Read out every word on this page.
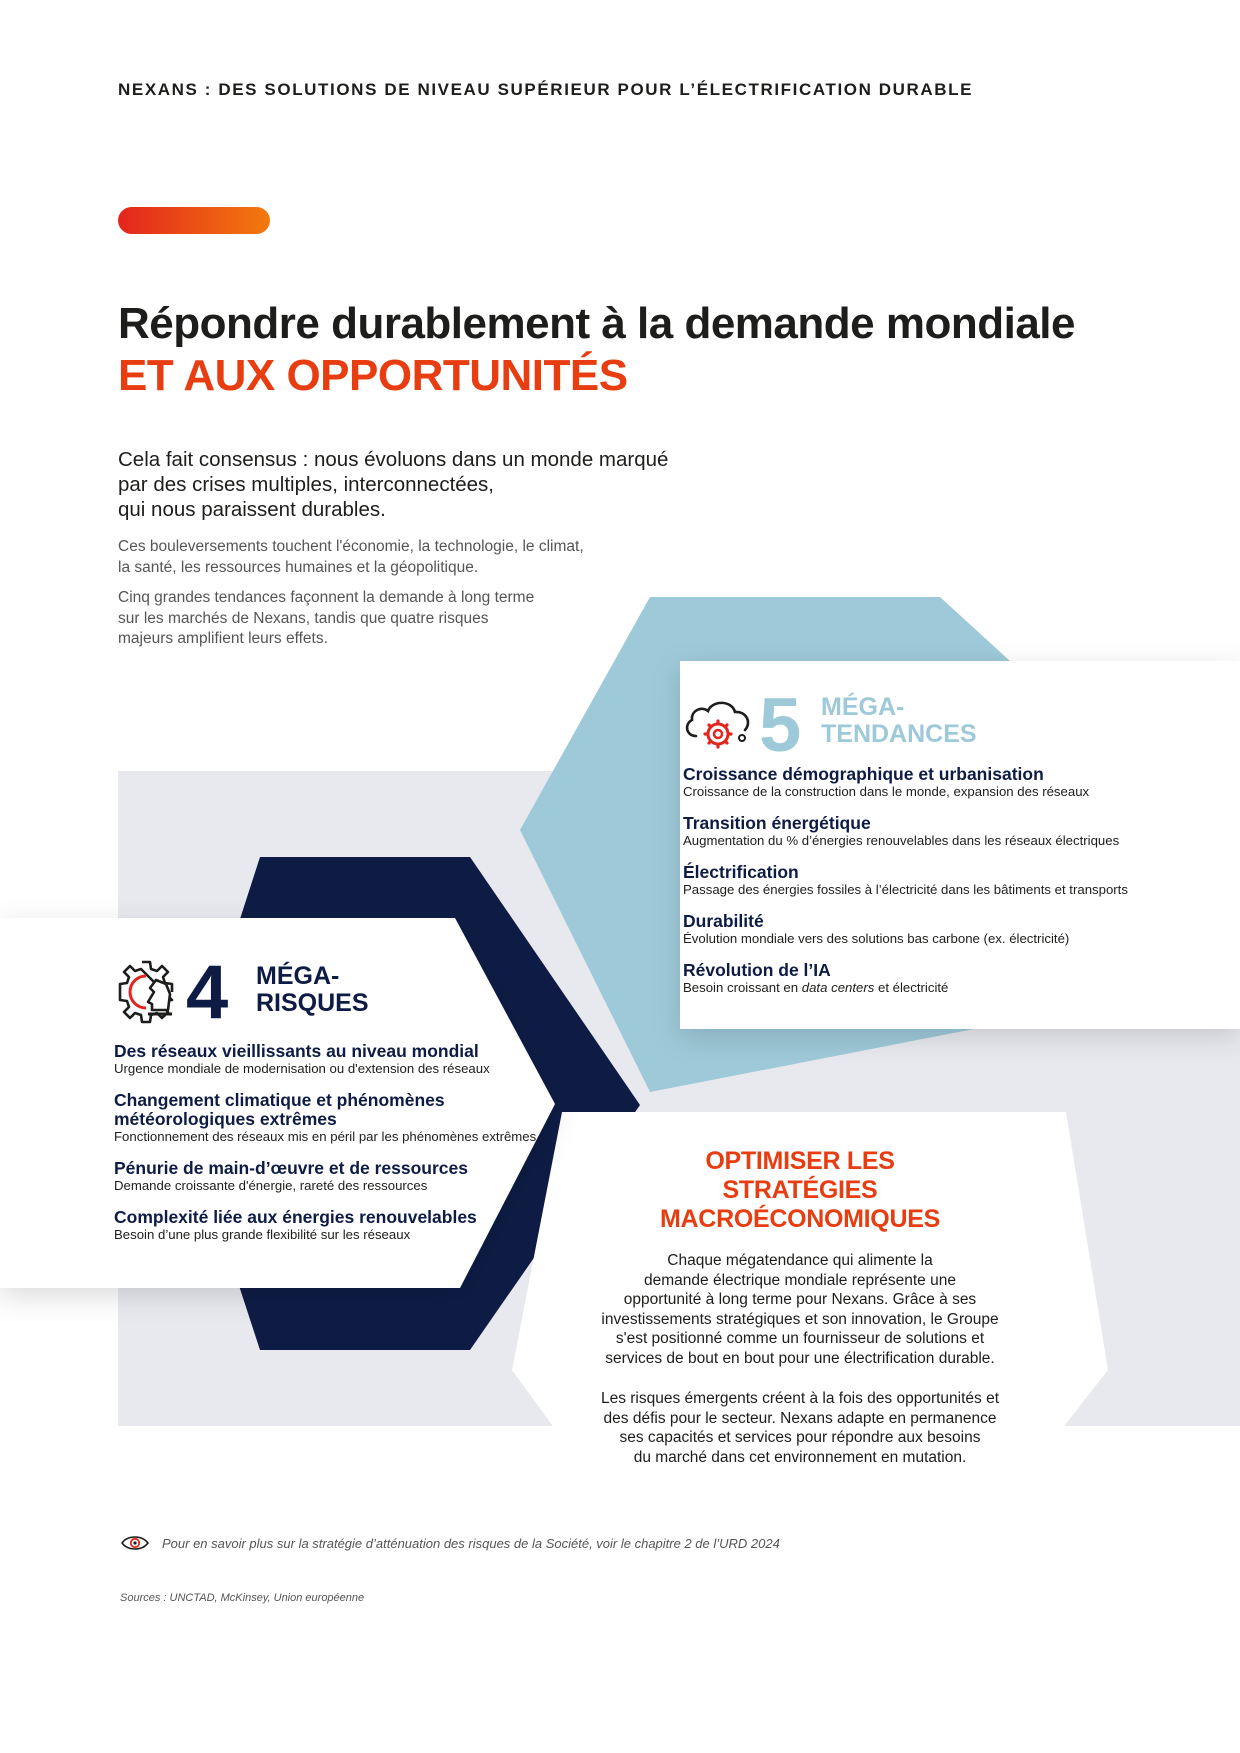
NEXANS : DES SOLUTIONS DE NIVEAU SUPÉRIEUR POUR L’ÉLECTRIFICATION DURABLE
Répondre durablement à la demande mondiale
ET AUX OPPORTUNITÉS

Cela fait consensus : nous évoluons dans un monde marqué
par des crises multiples, interconnectées,
qui nous paraissent durables.

Ces bouleversements touchent l'économie, la technologie, le climat,
la santé, les ressources humaines et la géopolitique.

Cinq grandes tendances façonnent la demande à long terme
sur les marchés de Nexans, tandis que quatre risques
majeurs amplifient leurs effets.

5 MÉGA-
TENDANCES
Croissance démographique et urbanisation
Croissance de la construction dans le monde, expansion des réseaux
Transition énergétique
Augmentation du % d’énergies renouvelables dans les réseaux électriques
Électrification
Passage des énergies fossiles à l’électricité dans les bâtiments et transports
Durabilité
Évolution mondiale vers des solutions bas carbone (ex. électricité)
Révolution de l’IA
Besoin croissant en data centers et électricité
4 MÉGA-
RISQUES
Des réseaux vieillissants au niveau mondial
Urgence mondiale de modernisation ou d'extension des réseaux
Changement climatique et phénomènes météorologiques extrêmes
Fonctionnement des réseaux mis en péril par les phénomènes extrêmes
Pénurie de main-d’œuvre et de ressources
Demande croissante d'énergie, rareté des ressources
Complexité liée aux énergies renouvelables
Besoin d’une plus grande flexibilité sur les réseaux
OPTIMISER LES
STRATÉGIES
MACROÉCONOMIQUES

Chaque mégatendance qui alimente la
demande électrique mondiale représente une
opportunité à long terme pour Nexans. Grâce à ses
investissements stratégiques et son innovation, le Groupe
s'est positionné comme un fournisseur de solutions et
services de bout en bout pour une électrification durable.

Les risques émergents créent à la fois des opportunités et
des défis pour le secteur. Nexans adapte en permanence
ses capacités et services pour répondre aux besoins
du marché dans cet environnement en mutation.

Pour en savoir plus sur la stratégie d’atténuation des risques de la Société, voir le chapitre 2 de l’URD 2024
Sources : UNCTAD, McKinsey, Union européenne
